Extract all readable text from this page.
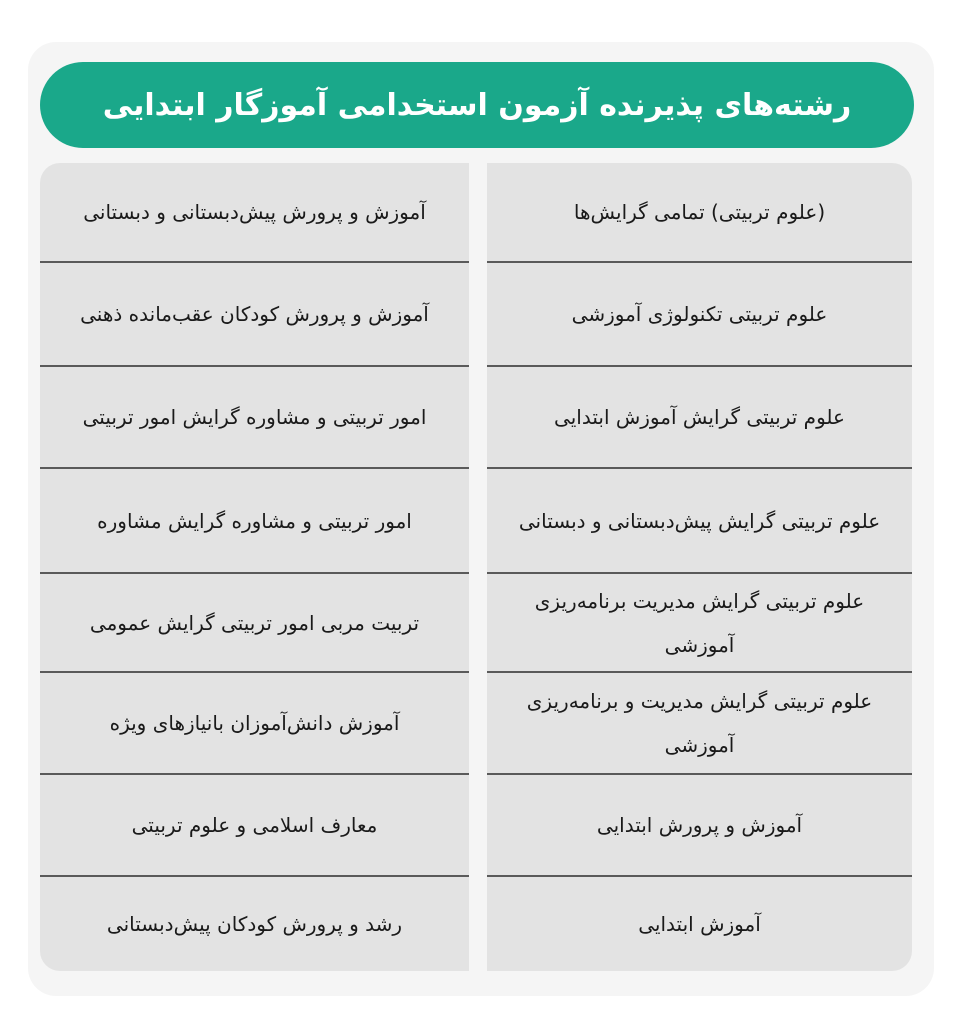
رشته‌های پذیرنده آزمون استخدامی آموزگار ابتدایی
(علوم تربیتی) تمامی گرایش‌ها
علوم تربیتی تکنولوژی آموزشی
علوم تربیتی گرایش آموزش ابتدایی
علوم تربیتی گرایش پیش‌دبستانی و دبستانی
علوم تربیتی گرایش مدیریت برنامه‌ریزی آموزشی
علوم تربیتی گرایش مدیریت و برنامه‌ریزی آموزشی
آموزش و پرورش ابتدایی
آموزش ابتدایی
آموزش و پرورش پیش‌دبستانی و دبستانی
آموزش و پرورش کودکان عقب‌مانده ذهنی
امور تربیتی و مشاوره گرایش امور تربیتی
امور تربیتی و مشاوره گرایش مشاوره
تربیت مربی امور تربیتی گرایش عمومی
آموزش دانش‌آموزان بانیازهای ویژه
معارف اسلامی و علوم تربیتی
رشد و پرورش کودکان پیش‌دبستانی
